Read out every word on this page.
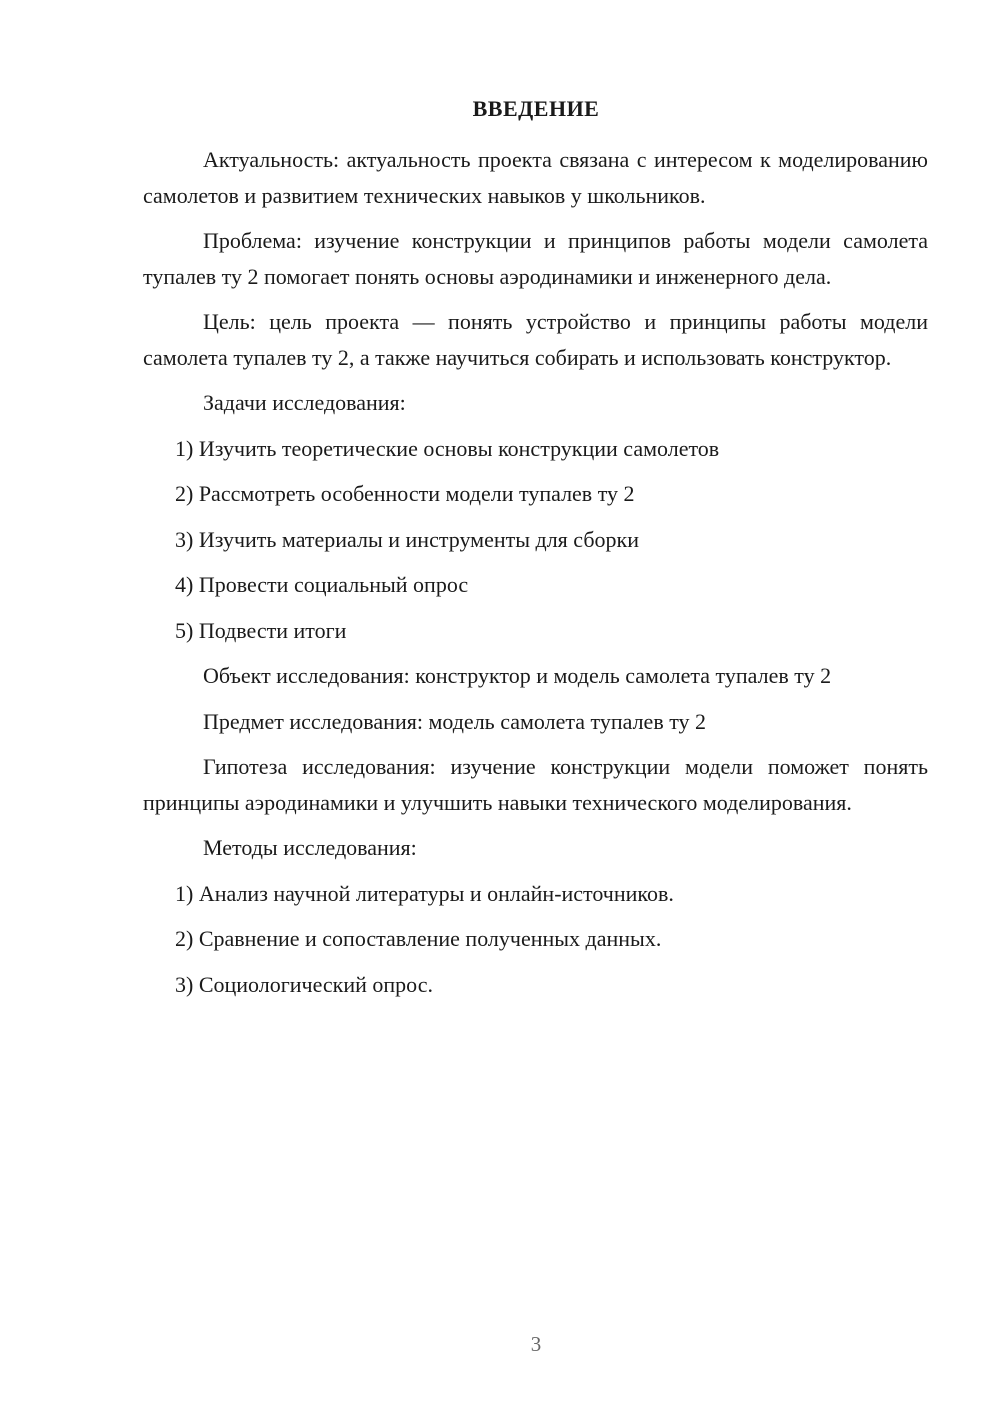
ВВЕДЕНИЕ

Актуальность: актуальность проекта связана с интересом к моделированию самолетов и развитием технических навыков у школьников.

Проблема: изучение конструкции и принципов работы модели самолета тупалев ту 2 помогает понять основы аэродинамики и инженерного дела.

Цель: цель проекта — понять устройство и принципы работы модели самолета тупалев ту 2, а также научиться собирать и использовать конструктор.

Задачи исследования:

1) Изучить теоретические основы конструкции самолетов
2) Рассмотреть особенности модели тупалев ту 2
3) Изучить материалы и инструменты для сборки
4) Провести социальный опрос
5) Подвести итоги

Объект исследования: конструктор и модель самолета тупалев ту 2

Предмет исследования: модель самолета тупалев ту 2

Гипотеза исследования: изучение конструкции модели поможет понять принципы аэродинамики и улучшить навыки технического моделирования.

Методы исследования:

1) Анализ научной литературы и онлайн-источников.
2) Сравнение и сопоставление полученных данных.
3) Социологический опрос.
3
